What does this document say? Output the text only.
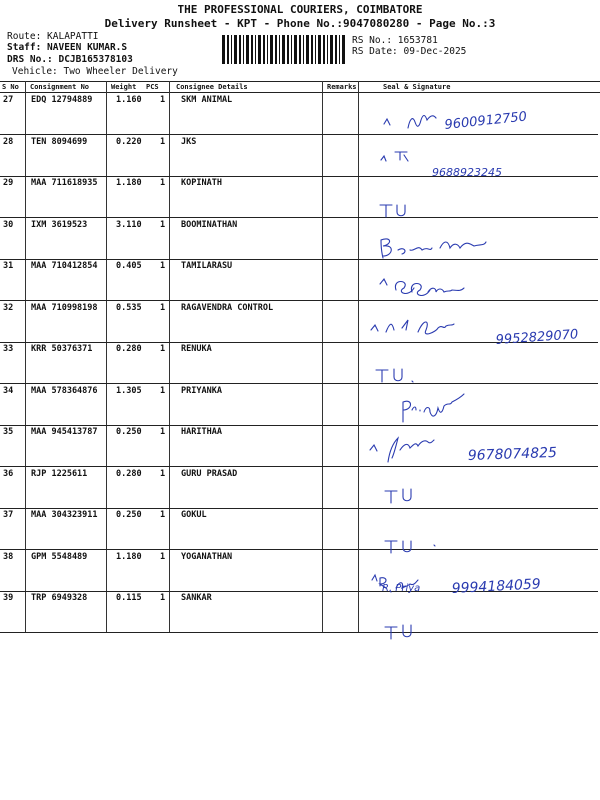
THE PROFESSIONAL COURIERS, COIMBATORE
Delivery Runsheet - KPT - Phone No.:9047080280 - Page No.:3
Route: KALAPATTI
Staff: NAVEEN KUMAR.S
DRS No.: DCJB165378103
Vehicle: Two Wheeler Delivery
RS No.: 1653781
RS Date: 09-Dec-2025
S No Consignment No	Weight PCS Consignee Details	Remarks	Seal & Signature
27 EDQ 12794889	1.160 1 SKM ANIMAL
28 TEN 8094699	0.220 1 JKS
29 MAA 711618935 1.180 1 KOPINATH
30 IXM 3619523	3.110 1 BOOMINATHAN
31 MAA 710412854 0.405 1 TAMILARASU
32 MAA 710998198 0.535 1 RAGAVENDRA CONTROL
33 KRR 50376371	0.280 1 RENUKA
34 MAA 578364876 1.305 1 PRIYANKA
35 MAA 945413787 0.250 1 HARITHAA
36 RJP 1225611	0.280 1 GURU PRASAD
37 MAA 304323911 0.250 1 GOKUL
38 GPM 5548489	1.180 1 YOGANATHAN
39 TRP 6949328	0.115 1 SANKAR
9600912750
9688923245
9952829070
9678074825
R. Priya 9994184059
